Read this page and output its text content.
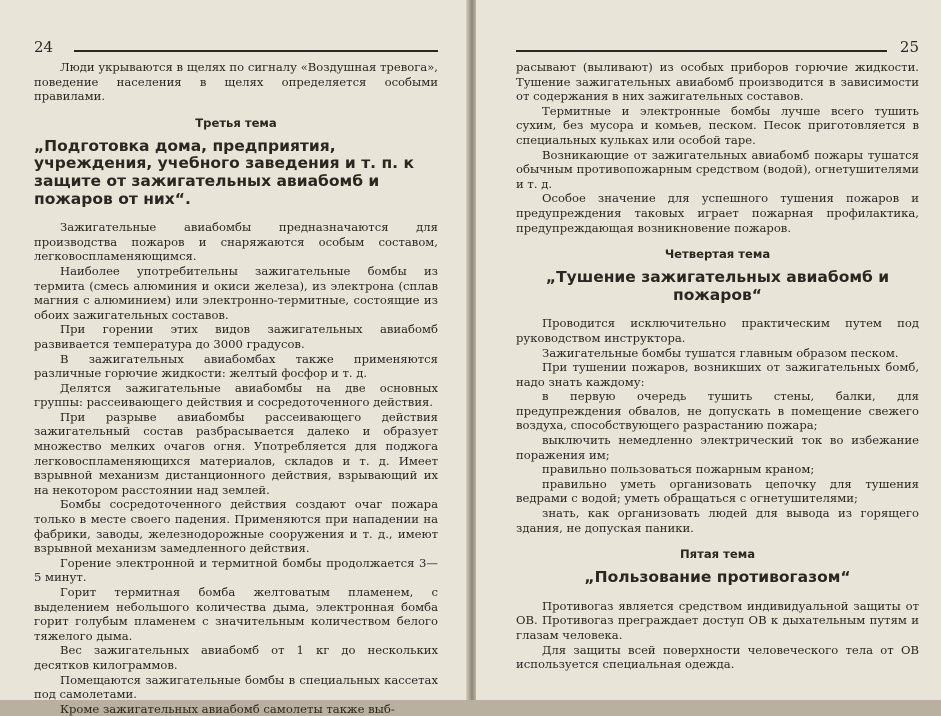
24

Люди укрываются в щелях по сигналу «Воздушная тревога», поведение населения в щелях определяется особыми правилами.

Третья тема
„Подготовка дома, предприятия, учреждения, учебного заведения и т. п. к защите от зажигательных авиабомб и пожаров от них“.

Зажигательные авиабомбы предназначаются для производства пожаров и снаряжаются особым составом, легковоспламеняющимся.

Наиболее употребительны зажигательные бомбы из термита (смесь алюминия и окиси железа), из электрона (сплав магния с алюминием) или электронно-термитные, состоящие из обоих зажигательных составов.

При горении этих видов зажигательных авиабомб развивается температура до 3000 градусов.

В зажигательных авиабомбах также применяются различные горючие жидкости: желтый фосфор и т. д.

Делятся зажигательные авиабомбы на две основных группы: рассеивающего действия и сосредоточенного действия.

При разрыве авиабомбы рассеивающего действия зажигательный состав разбрасывается далеко и образует множество мелких очагов огня. Употребляется для поджога легковоспламеняющихся материалов, складов и т. д. Имеет взрывной механизм дистанционного действия, взрывающий их на некотором расстоянии над землей.

Бомбы сосредоточенного действия создают очаг пожара только в месте своего падения. Применяются при нападении на фабрики, заводы, железнодорожные сооружения и т. д., имеют взрывной механизм замедленного действия.

Горение электронной и термитной бомбы продолжается 3—5 минут.

Горит термитная бомба желтоватым пламенем, с выделением небольшого количества дыма, электронная бомба горит голубым пламенем с значительным количеством белого тяжелого дыма.

Вес зажигательных авиабомб от 1 кг до нескольких десятков килограммов.

Помещаются зажигательные бомбы в специальных кассетах под самолетами.

Кроме зажигательных авиабомб самолеты также выб-

25

расывают (выливают) из особых приборов горючие жидкости. Тушение зажигательных авиабомб производится в зависимости от содержания в них зажигательных составов.

Термитные и электронные бомбы лучше всего тушить сухим, без мусора и комьев, песком. Песок приготовляется в специальных кульках или особой таре.

Возникающие от зажигательных авиабомб пожары тушатся обычным противопожарным средством (водой), огнетушителями и т. д.

Особое значение для успешного тушения пожаров и предупреждения таковых играет пожарная профилактика, предупреждающая возникновение пожаров.

Четвертая тема
„Тушение зажигательных авиабомб и пожаров“

Проводится исключительно практическим путем под руководством инструктора.

Зажигательные бомбы тушатся главным образом песком.

При тушении пожаров, возникших от зажигательных бомб, надо знать каждому:

в первую очередь тушить стены, балки, для предупреждения обвалов, не допускать в помещение свежего воздуха, способствующего разрастанию пожара;

выключить немедленно электрический ток во избежание поражения им;

правильно пользоваться пожарным краном;

правильно уметь организовать цепочку для тушения ведрами с водой; уметь обращаться с огнетушителями;

знать, как организовать людей для вывода из горящего здания, не допуская паники.

Пятая тема
„Пользование противогазом“

Противогаз является средством индивидуальной защиты от ОВ. Противогаз преграждает доступ ОВ к дыхательным путям и глазам человека.

Для защиты всей поверхности человеческого тела от ОВ используется специальная одежда.
